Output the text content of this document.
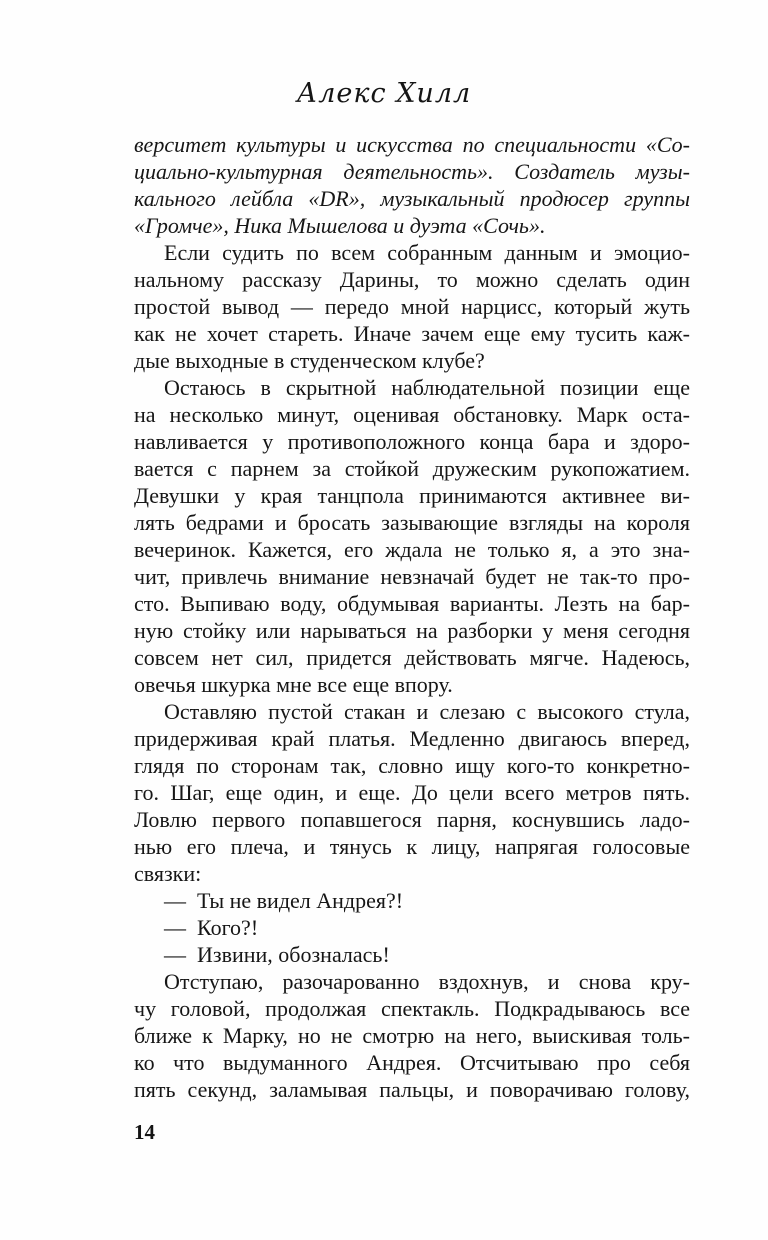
Алекс Хилл
верситет культуры и искусства по специальности «Со-
циально-культурная деятельность». Создатель музы-
кального лейбла «DR», музыкальный продюсер группы
«Громче», Ника Мышелова и дуэта «Сочь».
Если судить по всем собранным данным и эмоцио-
нальному рассказу Дарины, то можно сделать один
простой вывод — передо мной нарцисс, который жуть
как не хочет стареть. Иначе зачем еще ему тусить каж-
дые выходные в студенческом клубе?
Остаюсь в скрытной наблюдательной позиции еще
на несколько минут, оценивая обстановку. Марк оста-
навливается у противоположного конца бара и здоро-
вается с парнем за стойкой дружеским рукопожатием.
Девушки у края танцпола принимаются активнее ви-
лять бедрами и бросать зазывающие взгляды на короля
вечеринок. Кажется, его ждала не только я, а это зна-
чит, привлечь внимание невзначай будет не так-то про-
сто. Выпиваю воду, обдумывая варианты. Лезть на бар-
ную стойку или нарываться на разборки у меня сегодня
совсем нет сил, придется действовать мягче. Надеюсь,
овечья шкурка мне все еще впору.
Оставляю пустой стакан и слезаю с высокого стула,
придерживая край платья. Медленно двигаюсь вперед,
глядя по сторонам так, словно ищу кого-то конкретно-
го. Шаг, еще один, и еще. До цели всего метров пять.
Ловлю первого попавшегося парня, коснувшись ладо-
нью его плеча, и тянусь к лицу, напрягая голосовые
связки:
— Ты не видел Андрея?!
— Кого?!
— Извини, обозналась!
Отступаю, разочарованно вздохнув, и снова кру-
чу головой, продолжая спектакль. Подкрадываюсь все
ближе к Марку, но не смотрю на него, выискивая толь-
ко что выдуманного Андрея. Отсчитываю про себя
пять секунд, заламывая пальцы, и поворачиваю голову,
14
